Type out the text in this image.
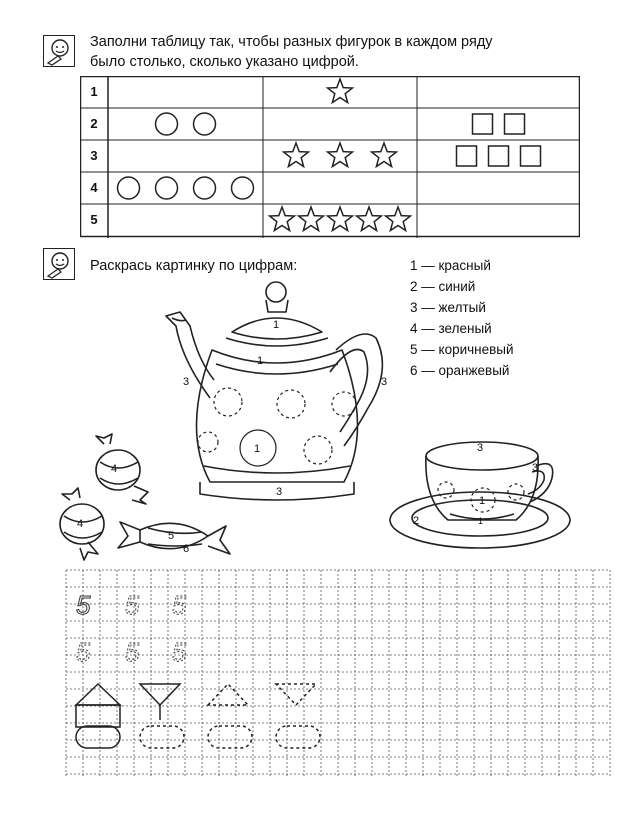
Заполни таблицу так, чтобы разных фигурок в каждом ряду
было столько, сколько указано цифрой.
1
2
3
4
5
Раскрась картинку по цифрам:	1 — красный
2 — синий
3 — желтый
4 — зеленый
5 — коричневый
6 — оранжевый
1
1
3	3
1
3
3
3
1
1
2
4
4
5
6
5 5 5
5 5 5
